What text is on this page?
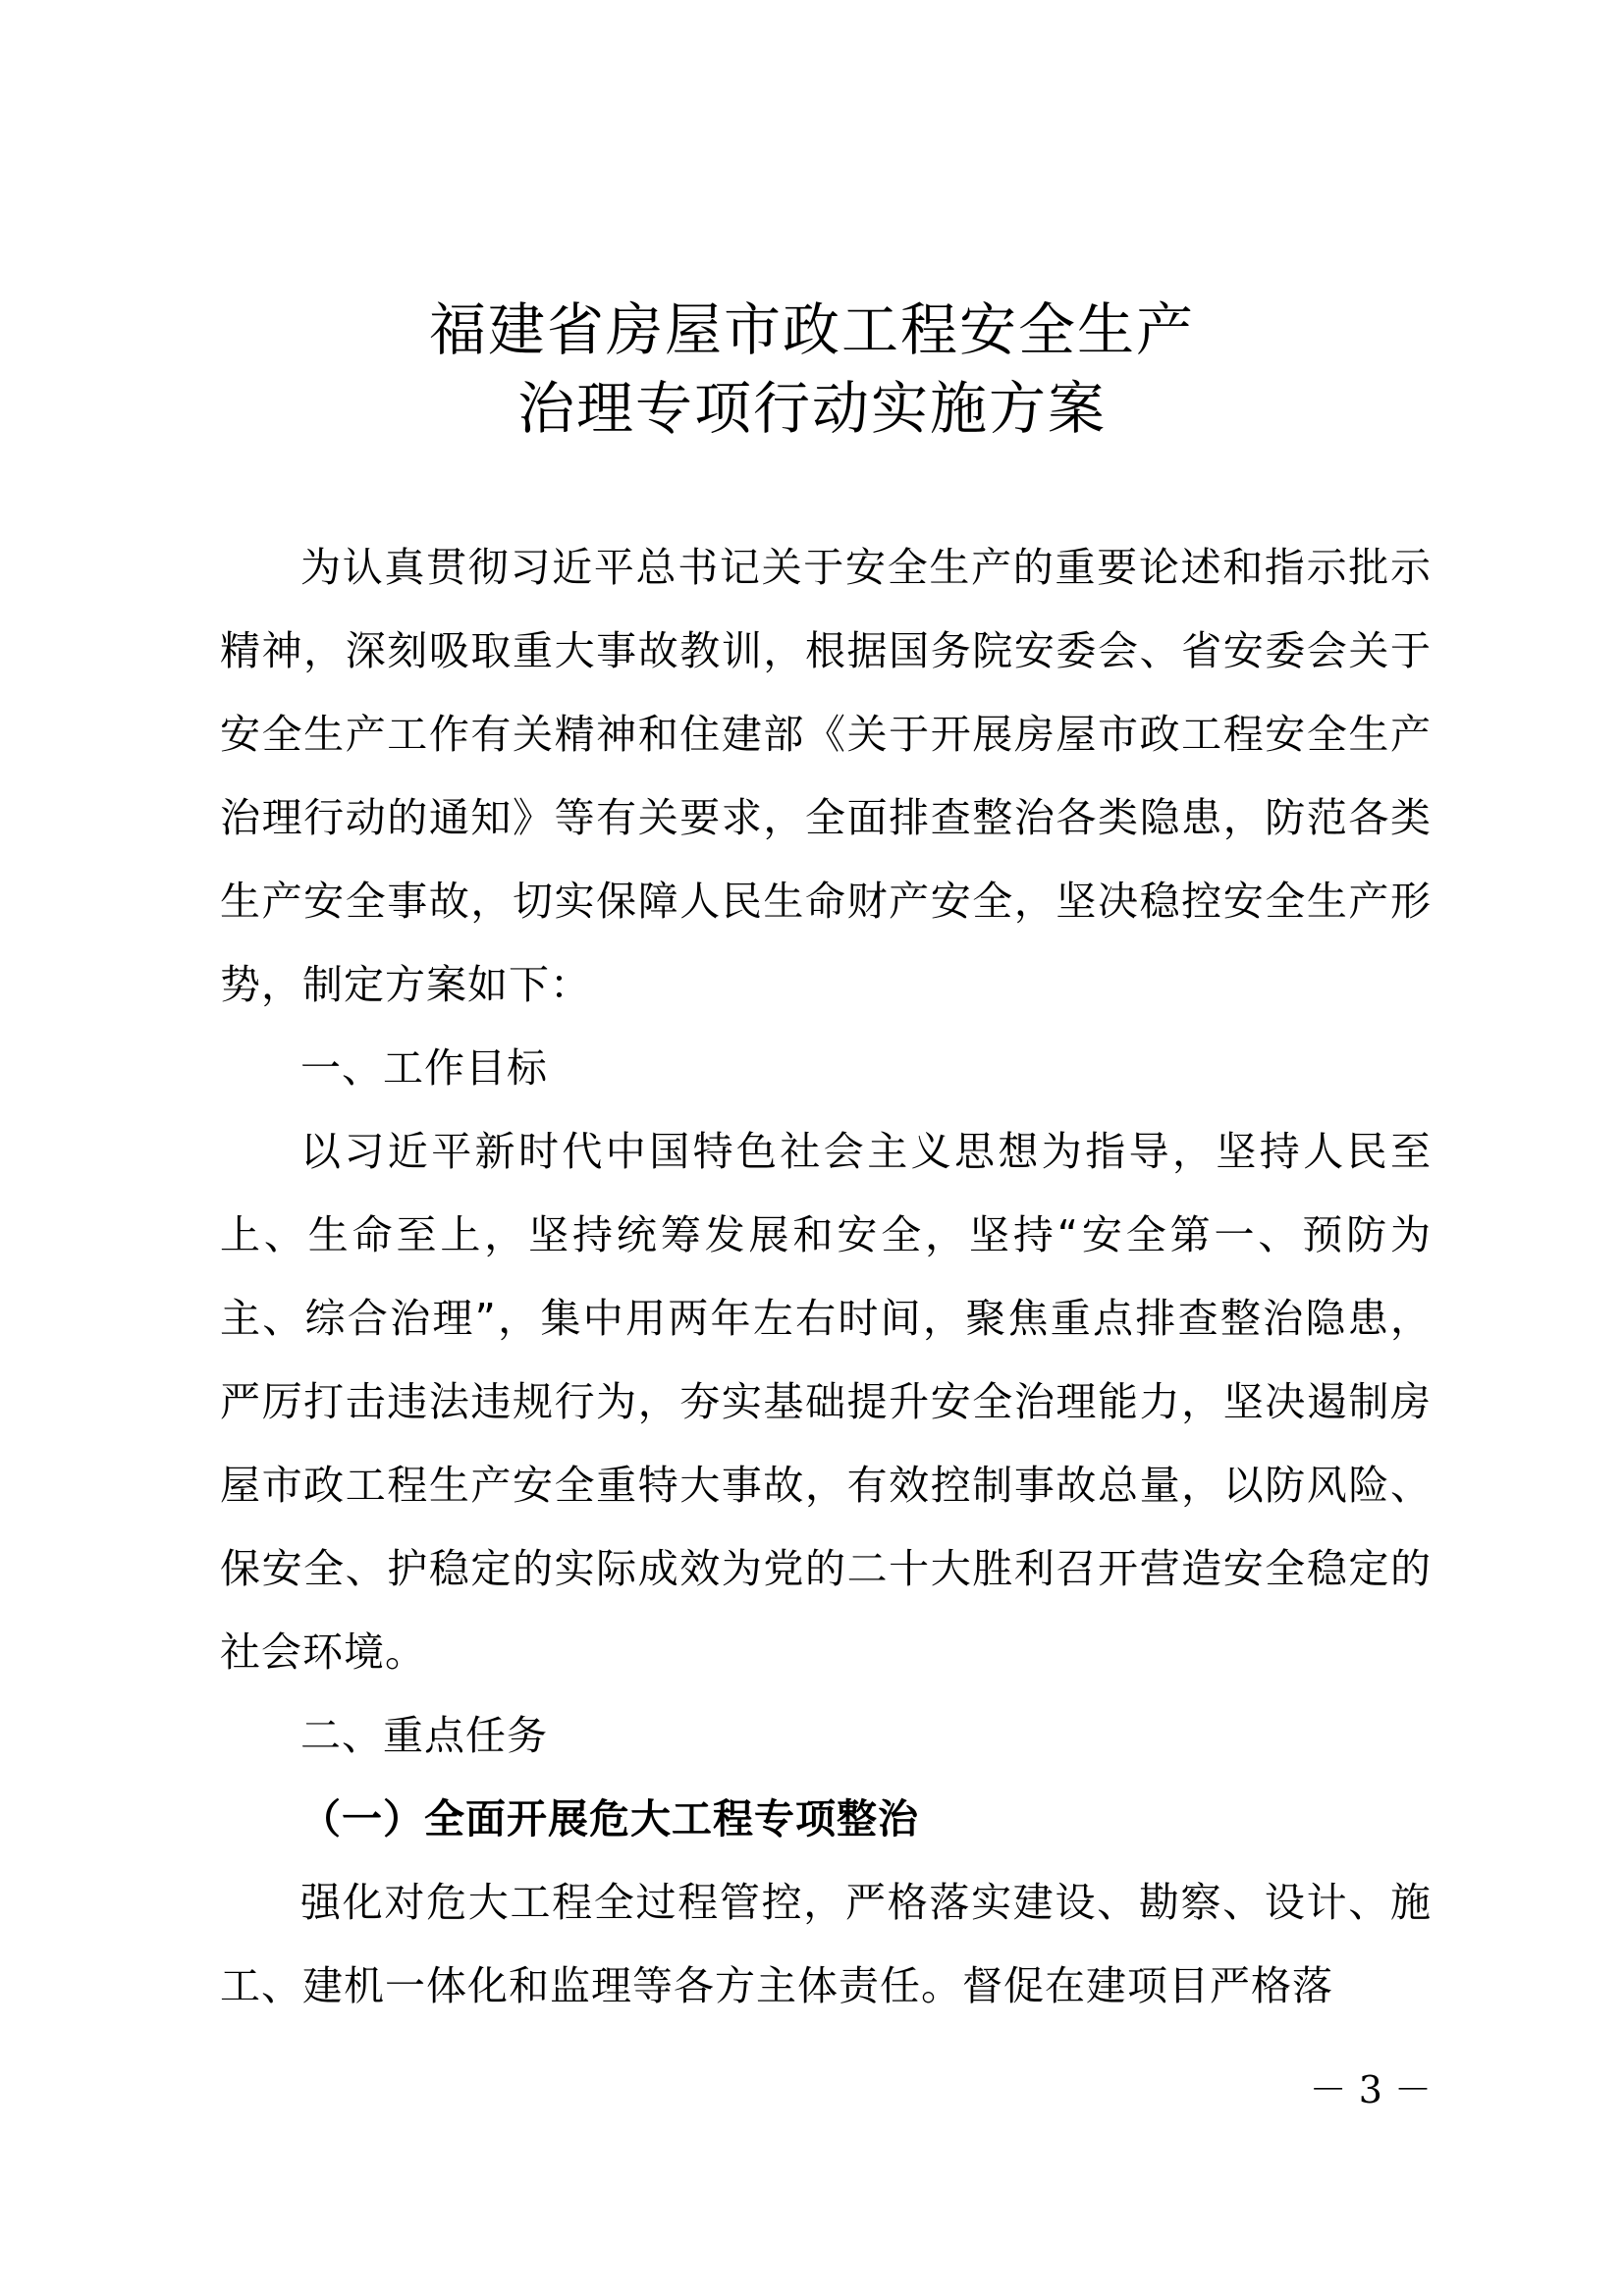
福建省房屋市政工程安全生产
治理专项行动实施方案

为认真贯彻习近平总书记关于安全生产的重要论述和指示批示精神，深刻吸取重大事故教训，根据国务院安委会、省安委会关于安全生产工作有关精神和住建部《关于开展房屋市政工程安全生产治理行动的通知》等有关要求，全面排查整治各类隐患，防范各类生产安全事故，切实保障人民生命财产安全，坚决稳控安全生产形势，制定方案如下：

一、工作目标

以习近平新时代中国特色社会主义思想为指导，坚持人民至上、生命至上，坚持统筹发展和安全，坚持“安全第一、预防为主、综合治理”，集中用两年左右时间，聚焦重点排查整治隐患，严厉打击违法违规行为，夯实基础提升安全治理能力，坚决遏制房屋市政工程生产安全重特大事故，有效控制事故总量，以防风险、保安全、护稳定的实际成效为党的二十大胜利召开营造安全稳定的社会环境。

二、重点任务

（一）全面开展危大工程专项整治

强化对危大工程全过程管控，严格落实建设、勘察、设计、施工、建机一体化和监理等各方主体责任。督促在建项目严格落

－ 3 －
